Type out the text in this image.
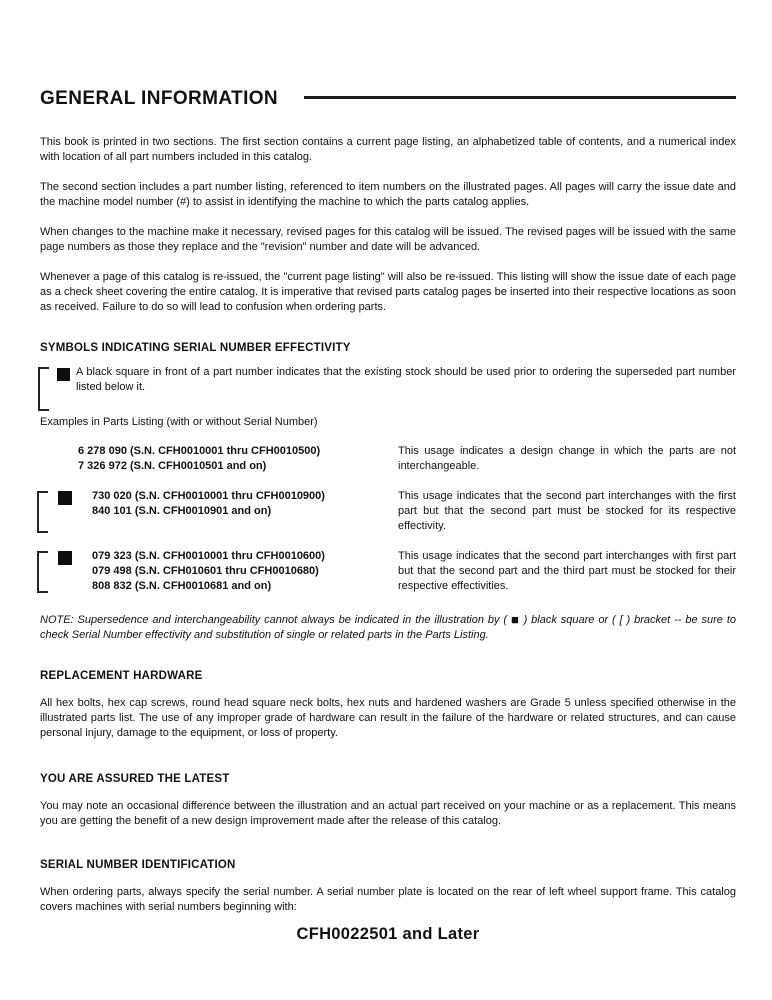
GENERAL INFORMATION

This book is printed in two sections. The first section contains a current page listing, an alphabetized table of contents, and a numerical index with location of all part numbers included in this catalog.

The second section includes a part number listing, referenced to item numbers on the illustrated pages. All pages will carry the issue date and the machine model number (#) to assist in identifying the machine to which the parts catalog applies.

When changes to the machine make it necessary, revised pages for this catalog will be issued. The revised pages will be issued with the same page numbers as those they replace and the "revision" number and date will be advanced.

Whenever a page of this catalog is re-issued, the "current page listing" will also be re-issued. This listing will show the issue date of each page as a check sheet covering the entire catalog. It is imperative that revised parts catalog pages be inserted into their respective locations as soon as received. Failure to do so will lead to confusion when ordering parts.

SYMBOLS INDICATING SERIAL NUMBER EFFECTIVITY
A black square in front of a part number indicates that the existing stock should be used prior to ordering the superseded part number listed below it.

Examples in Parts Listing (with or without Serial Number)

6 278 090 (S.N. CFH0010001 thru CFH0010500)
7 326 972 (S.N. CFH0010501 and on)
This usage indicates a design change in which the parts are not interchangeable.
730 020 (S.N. CFH0010001 thru CFH0010900)
840 101 (S.N. CFH0010901 and on)
This usage indicates that the second part interchanges with the first part but that the second part must be stocked for its respective effectivity.
079 323 (S.N. CFH0010001 thru CFH0010600)
079 498 (S.N. CFH010601 thru CFH0010680)
808 832 (S.N. CFH0010681 and on)
This usage indicates that the second part interchanges with first part but that the second part and the third part must be stocked for their respective effectivities.

NOTE: Supersedence and interchangeability cannot always be indicated in the illustration by ( ■ ) black square or ( [ ) bracket -- be sure to check Serial Number effectivity and substitution of single or related parts in the Parts Listing.

REPLACEMENT HARDWARE

All hex bolts, hex cap screws, round head square neck bolts, hex nuts and hardened washers are Grade 5 unless specified otherwise in the illustrated parts list. The use of any improper grade of hardware can result in the failure of the hardware or related structures, and can cause personal injury, damage to the equipment, or loss of property.

YOU ARE ASSURED THE LATEST

You may note an occasional difference between the illustration and an actual part received on your machine or as a replacement. This means you are getting the benefit of a new design improvement made after the release of this catalog.

SERIAL NUMBER IDENTIFICATION

When ordering parts, always specify the serial number. A serial number plate is located on the rear of left wheel support frame. This catalog covers machines with serial numbers beginning with:

CFH0022501 and Later
